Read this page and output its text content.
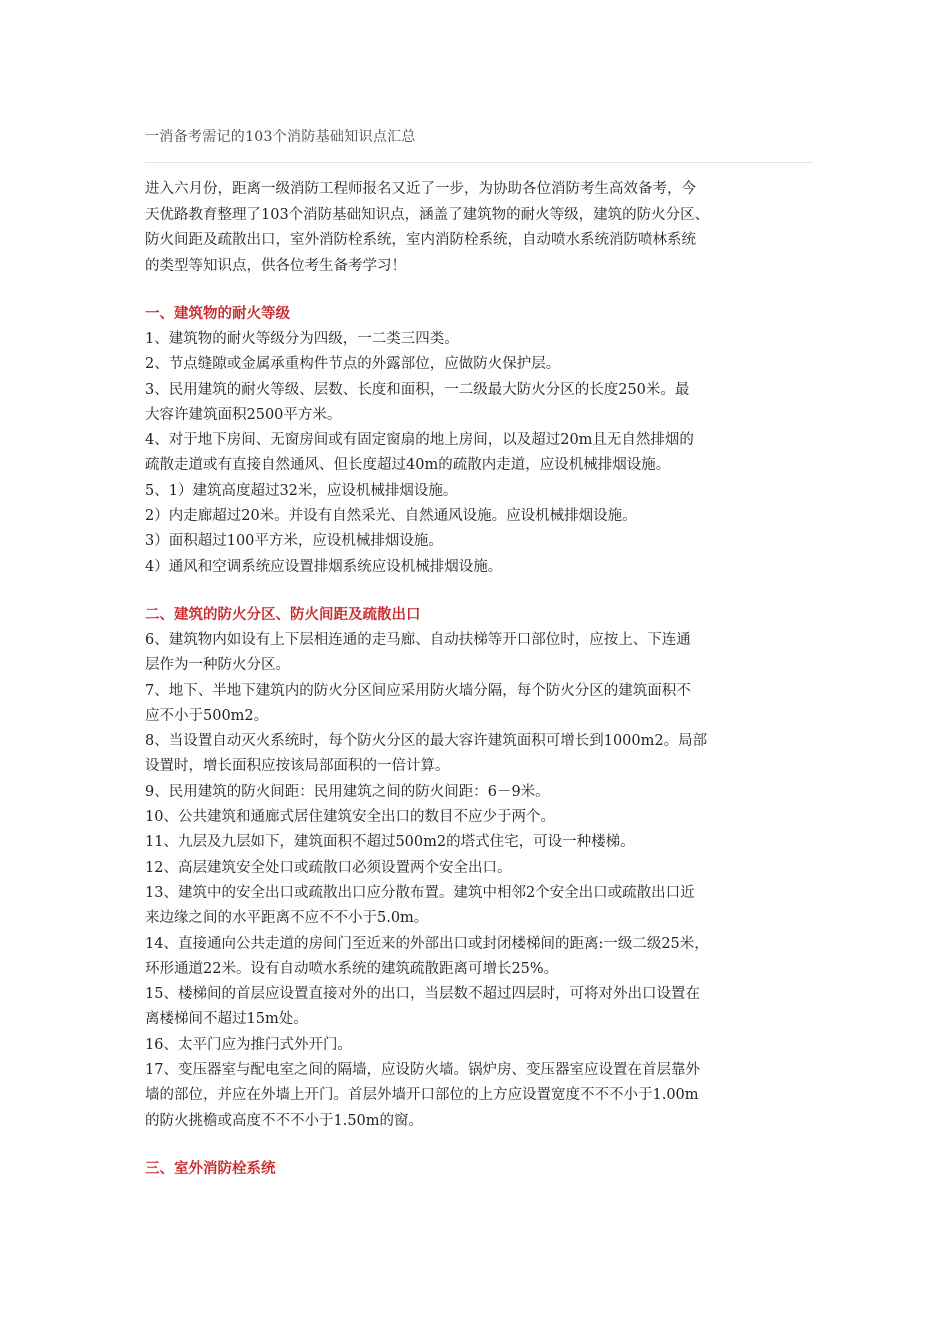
一消备考需记的103个消防基础知识点汇总

进入六月份，距离一级消防工程师报名又近了一步，为协助各位消防考生高效备考，今

天优路教育整理了103个消防基础知识点，涵盖了建筑物的耐火等级，建筑的防火分区、

防火间距及疏散出口，室外消防栓系统，室内消防栓系统，自动喷水系统消防喷林系统

的类型等知识点，供各位考生备考学习！

一、建筑物的耐火等级

1、建筑物的耐火等级分为四级，一二类三四类。

2、节点缝隙或金属承重构件节点的外露部位，应做防火保护层。

3、民用建筑的耐火等级、层数、长度和面积，一二级最大防火分区的长度250米。最

大容许建筑面积2500平方米。

4、对于地下房间、无窗房间或有固定窗扇的地上房间，以及超过20m且无自然排烟的

疏散走道或有直接自然通风、但长度超过40m的疏散内走道，应设机械排烟设施。

5、1）建筑高度超过32米，应设机械排烟设施。

2）内走廊超过20米。并设有自然采光、自然通风设施。应设机械排烟设施。

3）面积超过100平方米，应设机械排烟设施。

4）通风和空调系统应设置排烟系统应设机械排烟设施。

二、建筑的防火分区、防火间距及疏散出口

6、建筑物内如设有上下层相连通的走马廊、自动扶梯等开口部位时，应按上、下连通

层作为一种防火分区。

7、地下、半地下建筑内的防火分区间应采用防火墙分隔，每个防火分区的建筑面积不

应不小于500m2。

8、当设置自动灭火系统时，每个防火分区的最大容许建筑面积可增长到1000m2。局部

设置时，增长面积应按该局部面积的一倍计算。

9、民用建筑的防火间距：民用建筑之间的防火间距：6－9米。

10、公共建筑和通廊式居住建筑安全出口的数目不应少于两个。

11、九层及九层如下，建筑面积不超过500m2的塔式住宅，可设一种楼梯。

12、高层建筑安全处口或疏散口必须设置两个安全出口。

13、建筑中的安全出口或疏散出口应分散布置。建筑中相邻2个安全出口或疏散出口近

来边缘之间的水平距离不应不不小于5.0m。

14、直接通向公共走道的房间门至近来的外部出口或封闭楼梯间的距离:一级二级25米，

环形通道22米。设有自动喷水系统的建筑疏散距离可增长25%。

15、楼梯间的首层应设置直接对外的出口，当层数不超过四层时，可将对外出口设置在

离楼梯间不超过15m处。

16、太平门应为推闩式外开门。

17、变压器室与配电室之间的隔墙，应设防火墙。锅炉房、变压器室应设置在首层靠外

墙的部位，并应在外墙上开门。首层外墙开口部位的上方应设置宽度不不不小于1.00m

的防火挑檐或高度不不不小于1.50m的窗。

三、室外消防栓系统
